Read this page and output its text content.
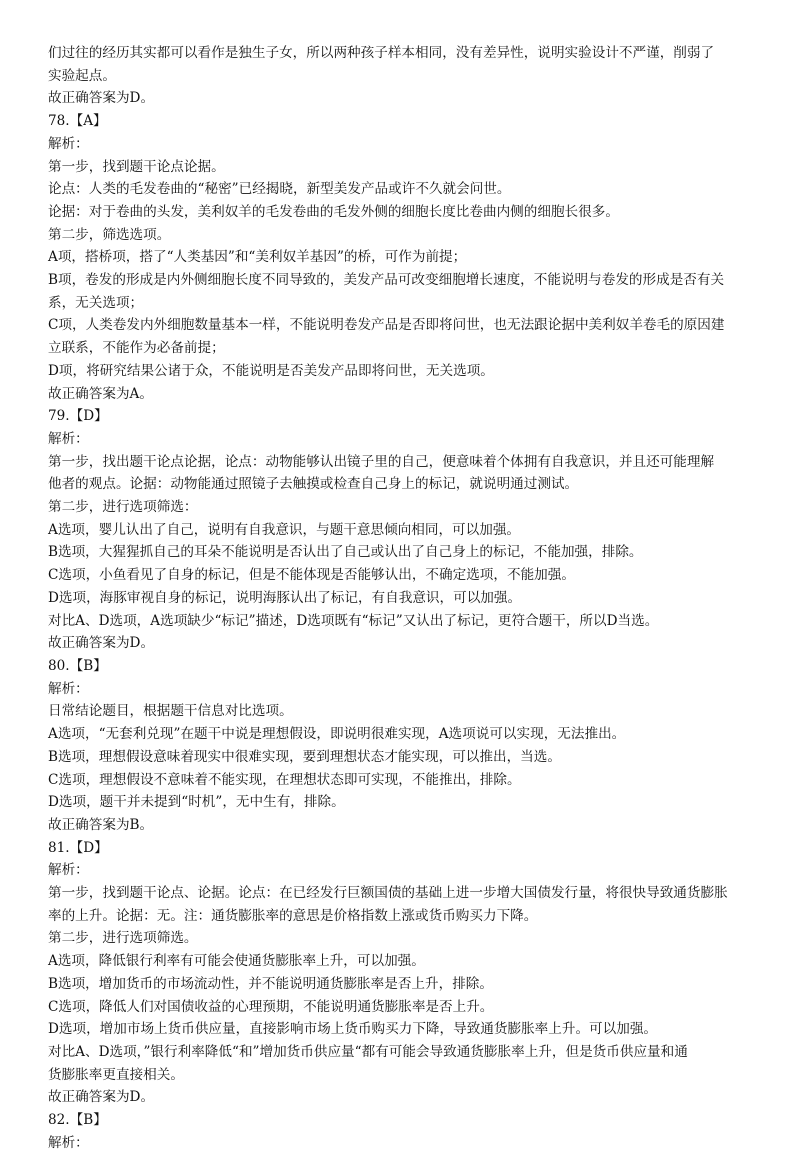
们过往的经历其实都可以看作是独生子女，所以两种孩子样本相同，没有差异性，说明实验设计不严谨，削弱了
实验起点。
故正确答案为D。
78.【A】
解析：
第一步，找到题干论点论据。
论点：人类的毛发卷曲的“秘密”已经揭晓，新型美发产品或许不久就会问世。
论据：对于卷曲的头发，美利奴羊的毛发卷曲的毛发外侧的细胞长度比卷曲内侧的细胞长很多。
第二步，筛选选项。
A项，搭桥项，搭了“人类基因”和“美利奴羊基因”的桥，可作为前提；
B项，卷发的形成是内外侧细胞长度不同导致的，美发产品可改变细胞增长速度，不能说明与卷发的形成是否有关
系，无关选项；
C项，人类卷发内外细胞数量基本一样，不能说明卷发产品是否即将问世，也无法跟论据中美利奴羊卷毛的原因建
立联系，不能作为必备前提；
D项，将研究结果公诸于众，不能说明是否美发产品即将问世，无关选项。
故正确答案为A。
79.【D】
解析：
第一步，找出题干论点论据，论点：动物能够认出镜子里的自己，便意味着个体拥有自我意识，并且还可能理解
他者的观点。论据：动物能通过照镜子去触摸或检查自己身上的标记，就说明通过测试。
第二步，进行选项筛选：
A选项，婴儿认出了自己，说明有自我意识，与题干意思倾向相同，可以加强。
B选项，大猩猩抓自己的耳朵不能说明是否认出了自己或认出了自己身上的标记，不能加强，排除。
C选项，小鱼看见了自身的标记，但是不能体现是否能够认出，不确定选项，不能加强。
D选项，海豚审视自身的标记，说明海豚认出了标记，有自我意识，可以加强。
对比A、D选项，A选项缺少“标记”描述，D选项既有“标记”又认出了标记，更符合题干，所以D当选。
故正确答案为D。
80.【B】
解析：
日常结论题目，根据题干信息对比选项。
A选项，“无套利兑现”在题干中说是理想假设，即说明很难实现，A选项说可以实现，无法推出。
B选项，理想假设意味着现实中很难实现，要到理想状态才能实现，可以推出，当选。
C选项，理想假设不意味着不能实现，在理想状态即可实现，不能推出，排除。
D选项，题干并未提到“时机”，无中生有，排除。
故正确答案为B。
81.【D】
解析：
第一步，找到题干论点、论据。论点：在已经发行巨额国债的基础上进一步增大国债发行量，将很快导致通货膨胀
率的上升。论据：无。注：通货膨胀率的意思是价格指数上涨或货币购买力下降。
第二步，进行选项筛选。
A选项，降低银行利率有可能会使通货膨胀率上升，可以加强。
B选项，增加货币的市场流动性，并不能说明通货膨胀率是否上升，排除。
C选项，降低人们对国债收益的心理预期，不能说明通货膨胀率是否上升。
D选项，增加市场上货币供应量，直接影响市场上货币购买力下降，导致通货膨胀率上升。可以加强。
对比A、D选项，”银行利率降低“和”增加货币供应量“都有可能会导致通货膨胀率上升，但是货币供应量和通
货膨胀率更直接相关。
故正确答案为D。
82.【B】
解析：
